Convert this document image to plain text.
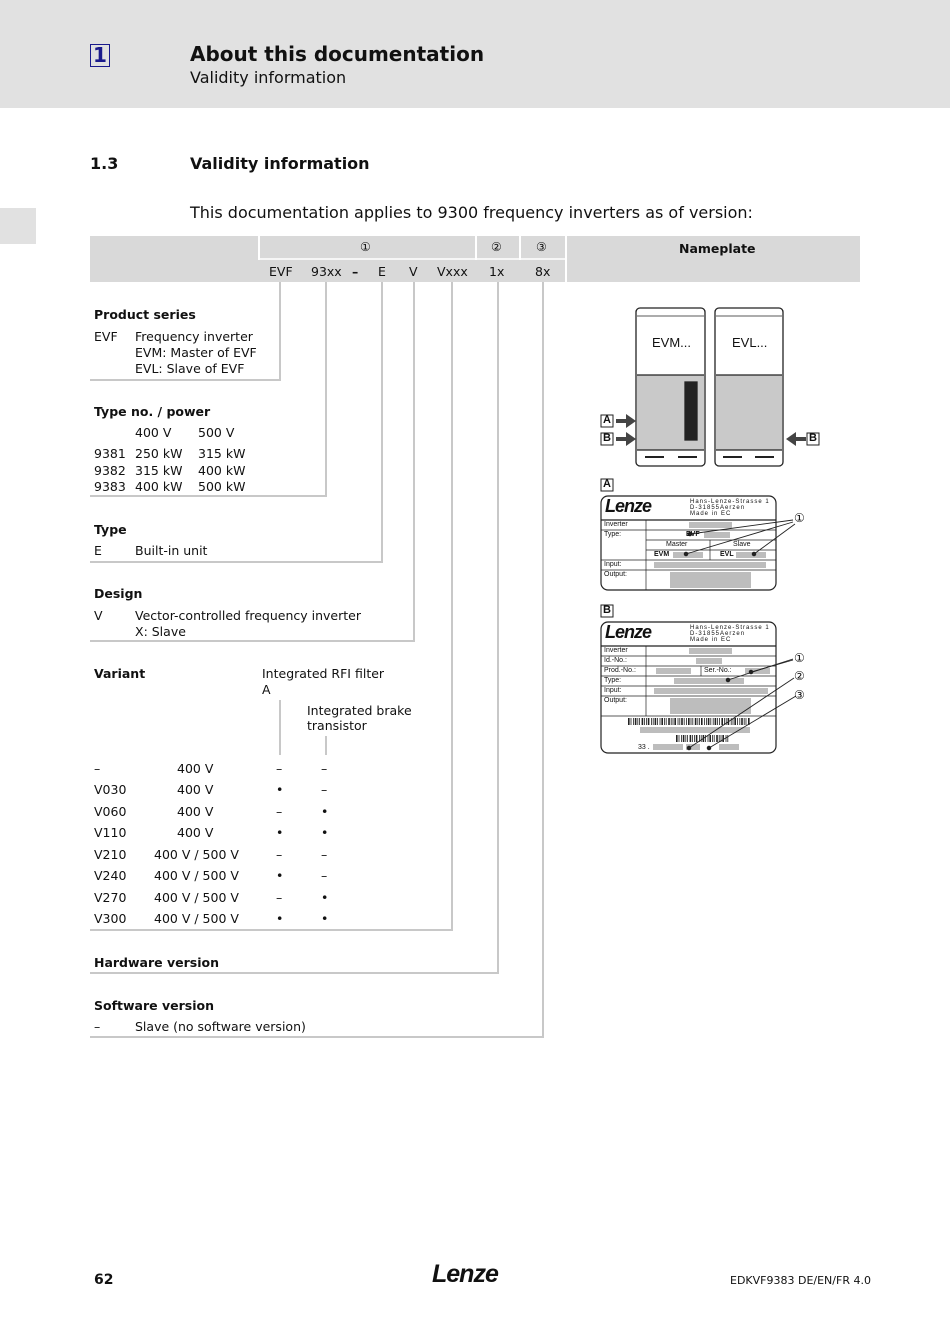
1	About this documentation
Validity information
1.3	Validity information
This documentation applies to 9300 frequency inverters as of version:
①	②	③	Nameplate
EVF 93xx – E V Vxxx 1x 8x
Product series
EVF Frequency inverter
EVM: Master of EVF
EVL: Slave of EVF
Type no. / power
400 V 500 V
9381 250 kW 315 kW
9382 315 kW 400 kW
9383 400 kW 500 kW
Type
E	Built-in unit
Design
V	Vector-controlled frequency inverter
X: Slave
Variant	Integrated RFI filter
A
Integrated brake
transistor
–	400 V	–	–
V030	400 V	•	–
V060	400 V	–	•
V110	400 V	•	•
V210 400 V / 500 V	–	–
V240 400 V / 500 V	•	–
V270 400 V / 500 V	–	•
V300 400 V / 500 V	•	•
Hardware version
Software version
–	Slave (no software version)
EVM...	EVL...
A
B	B
A
B
Lenze	Hans-Lenze-Strasse 1
D-31855Aerzen
Made in EC
Inverter
Type:	EVF
Master	Slave
EVM	EVL
Input:
Output:
Lenze	Hans-Lenze-Strasse 1
D-31855Aerzen
Made in EC
Inverter
Id.-No.:
Prod.-No.:	Ser.-No.:
Type:
Input:
Output:
33 .
①
①
②
③
62	Lenze	EDKVF9383 DE/EN/FR 4.0
